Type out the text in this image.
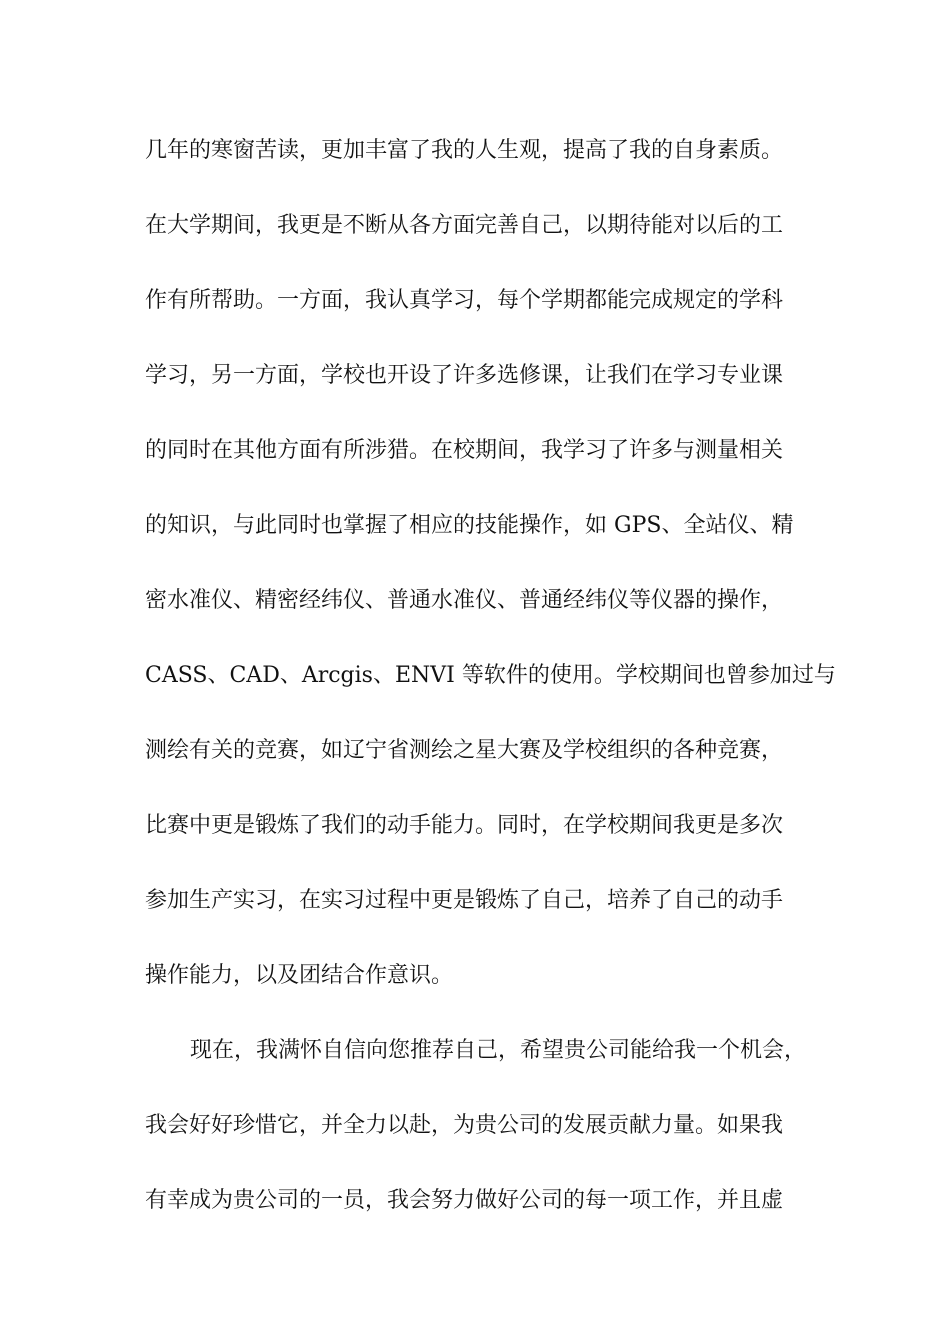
几年的寒窗苦读，更加丰富了我的人生观，提高了我的自身素质。
在大学期间，我更是不断从各方面完善自己，以期待能对以后的工
作有所帮助。一方面，我认真学习，每个学期都能完成规定的学科
学习，另一方面，学校也开设了许多选修课，让我们在学习专业课
的同时在其他方面有所涉猎。在校期间，我学习了许多与测量相关
的知识，与此同时也掌握了相应的技能操作，如 GPS、全站仪、精
密水准仪、精密经纬仪、普通水准仪、普通经纬仪等仪器的操作，
CASS、CAD、Arcgis、ENVI 等软件的使用。学校期间也曾参加过与
测绘有关的竞赛，如辽宁省测绘之星大赛及学校组织的各种竞赛，
比赛中更是锻炼了我们的动手能力。同时，在学校期间我更是多次
参加生产实习，在实习过程中更是锻炼了自己，培养了自己的动手
操作能力，以及团结合作意识。
现在，我满怀自信向您推荐自己，希望贵公司能给我一个机会，
我会好好珍惜它，并全力以赴，为贵公司的发展贡献力量。如果我
有幸成为贵公司的一员，我会努力做好公司的每一项工作，并且虚
